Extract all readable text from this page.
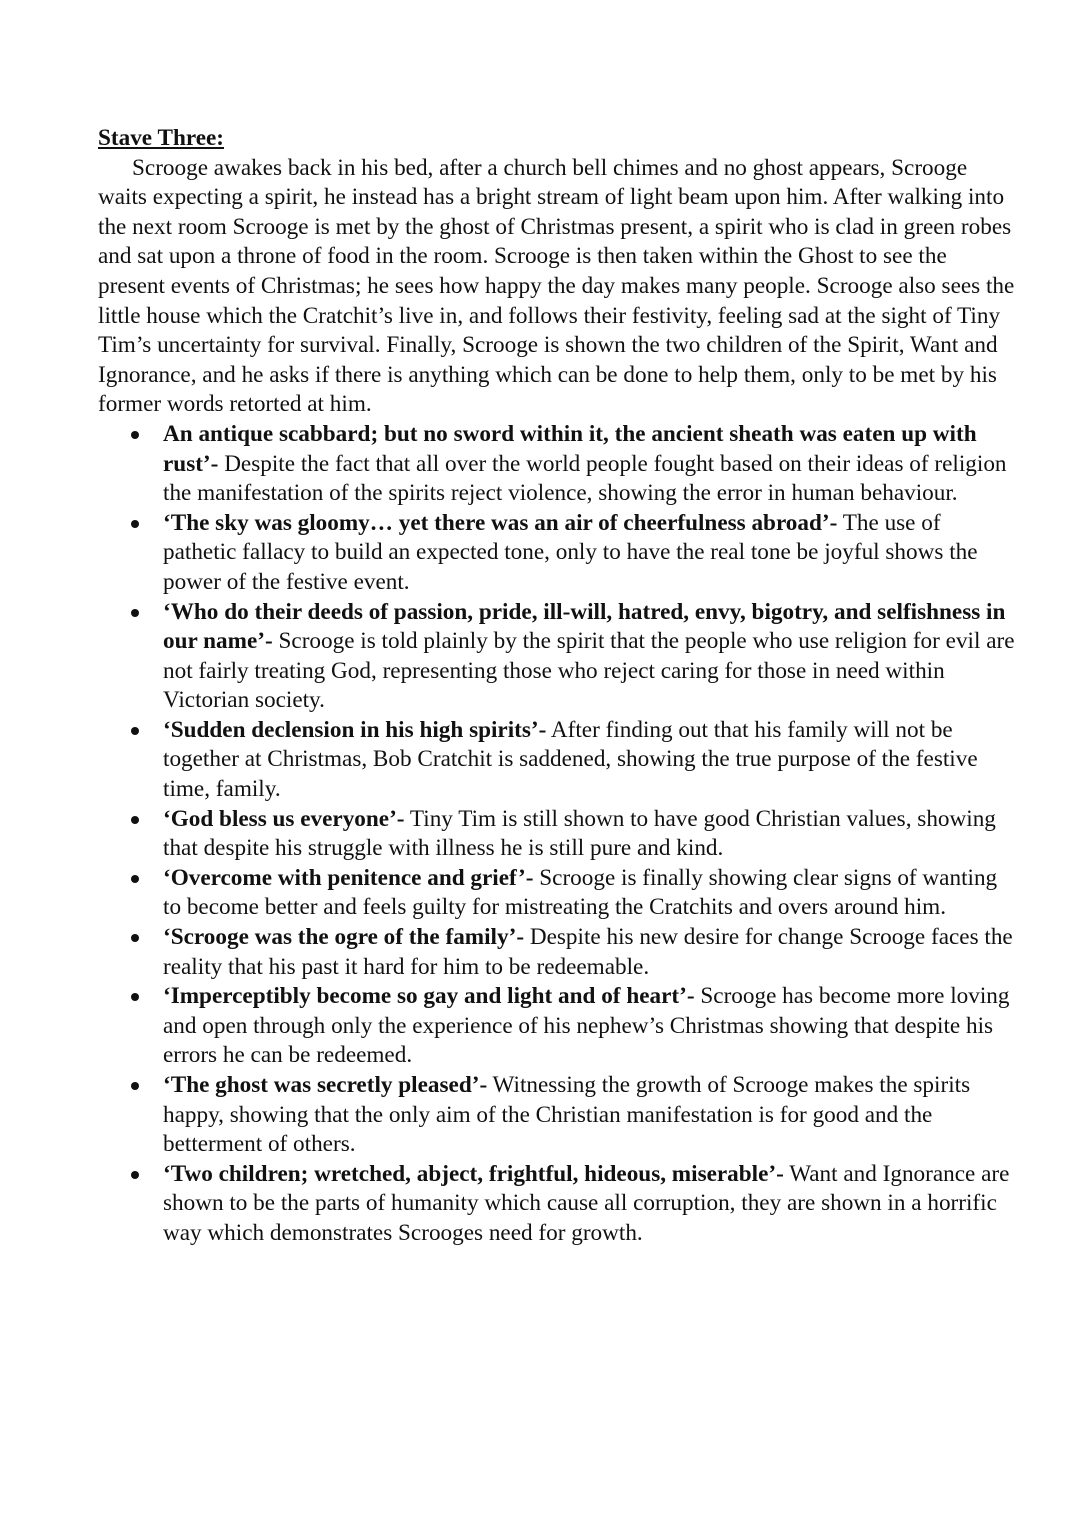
Stave Three:

Scrooge awakes back in his bed, after a church bell chimes and no ghost appears, Scrooge waits expecting a spirit, he instead has a bright stream of light beam upon him. After walking into the next room Scrooge is met by the ghost of Christmas present, a spirit who is clad in green robes and sat upon a throne of food in the room. Scrooge is then taken within the Ghost to see the present events of Christmas; he sees how happy the day makes many people. Scrooge also sees the little house which the Cratchit’s live in, and follows their festivity, feeling sad at the sight of Tiny Tim’s uncertainty for survival. Finally, Scrooge is shown the two children of the Spirit, Want and Ignorance, and he asks if there is anything which can be done to help them, only to be met by his former words retorted at him.

An antique scabbard; but no sword within it, the ancient sheath was eaten up with rust’- Despite the fact that all over the world people fought based on their ideas of religion the manifestation of the spirits reject violence, showing the error in human behaviour.
‘The sky was gloomy… yet there was an air of cheerfulness abroad’- The use of pathetic fallacy to build an expected tone, only to have the real tone be joyful shows the power of the festive event.
‘Who do their deeds of passion, pride, ill-will, hatred, envy, bigotry, and selfishness in our name’- Scrooge is told plainly by the spirit that the people who use religion for evil are not fairly treating God, representing those who reject caring for those in need within Victorian society.
‘Sudden declension in his high spirits’- After finding out that his family will not be together at Christmas, Bob Cratchit is saddened, showing the true purpose of the festive time, family.
‘God bless us everyone’- Tiny Tim is still shown to have good Christian values, showing that despite his struggle with illness he is still pure and kind.
‘Overcome with penitence and grief’- Scrooge is finally showing clear signs of wanting to become better and feels guilty for mistreating the Cratchits and overs around him.
‘Scrooge was the ogre of the family’- Despite his new desire for change Scrooge faces the reality that his past it hard for him to be redeemable.
‘Imperceptibly become so gay and light and of heart’- Scrooge has become more loving and open through only the experience of his nephew’s Christmas showing that despite his errors he can be redeemed.
‘The ghost was secretly pleased’- Witnessing the growth of Scrooge makes the spirits happy, showing that the only aim of the Christian manifestation is for good and the betterment of others.
‘Two children; wretched, abject, frightful, hideous, miserable’- Want and Ignorance are shown to be the parts of humanity which cause all corruption, they are shown in a horrific way which demonstrates Scrooges need for growth.
